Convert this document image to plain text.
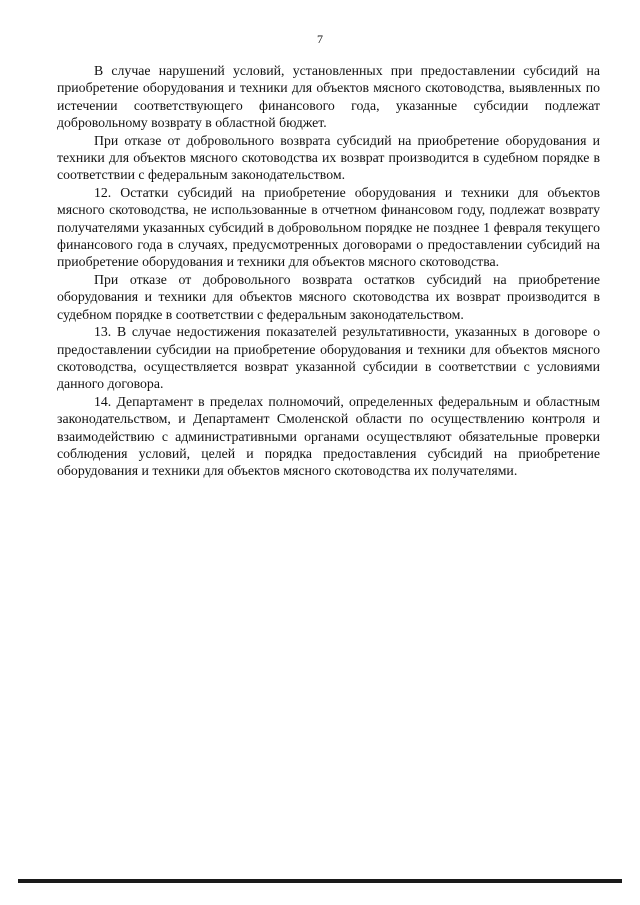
7

В случае нарушений условий, установленных при предоставлении субсидий на приобретение оборудования и техники для объектов мясного скотоводства, выявленных по истечении соответствующего финансового года, указанные субсидии подлежат добровольному возврату в областной бюджет.

При отказе от добровольного возврата субсидий на приобретение оборудования и техники для объектов мясного скотоводства их возврат производится в судебном порядке в соответствии с федеральным законодательством.

12. Остатки субсидий на приобретение оборудования и техники для объектов мясного скотоводства, не использованные в отчетном финансовом году, подлежат возврату получателями указанных субсидий в добровольном порядке не позднее 1 февраля текущего финансового года в случаях, предусмотренных договорами о предоставлении субсидий на приобретение оборудования и техники для объектов мясного скотоводства.

При отказе от добровольного возврата остатков субсидий на приобретение оборудования и техники для объектов мясного скотоводства их возврат производится в судебном порядке в соответствии с федеральным законодательством.

13. В случае недостижения показателей результативности, указанных в договоре о предоставлении субсидии на приобретение оборудования и техники для объектов мясного скотоводства, осуществляется возврат указанной субсидии в соответствии с условиями данного договора.

14. Департамент в пределах полномочий, определенных федеральным и областным законодательством, и Департамент Смоленской области по осуществлению контроля и взаимодействию с административными органами осуществляют обязательные проверки соблюдения условий, целей и порядка предоставления субсидий на приобретение оборудования и техники для объектов мясного скотоводства их получателями.
